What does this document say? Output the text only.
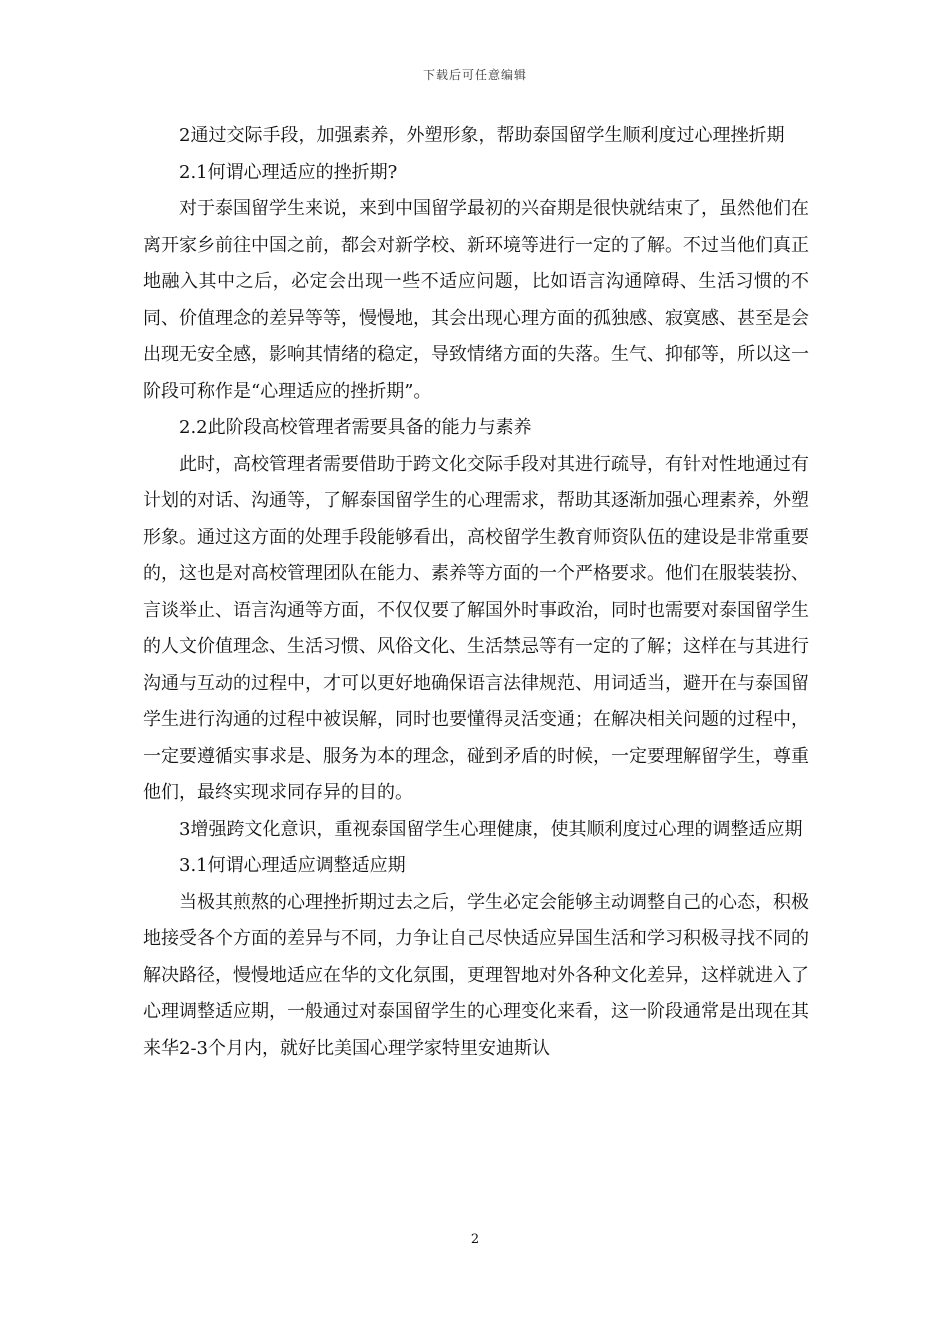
下载后可任意编辑

2通过交际手段，加强素养，外塑形象，帮助泰国留学生顺利度过心理挫折期

2.1何谓心理适应的挫折期?

对于泰国留学生来说，来到中国留学最初的兴奋期是很快就结束了，虽然他们在离开家乡前往中国之前，都会对新学校、新环境等进行一定的了解。不过当他们真正地融入其中之后，必定会出现一些不适应问题，比如语言沟通障碍、生活习惯的不同、价值理念的差异等等，慢慢地，其会出现心理方面的孤独感、寂寞感、甚至是会出现无安全感，影响其情绪的稳定，导致情绪方面的失落。生气、抑郁等，所以这一阶段可称作是“心理适应的挫折期”。

2.2此阶段高校管理者需要具备的能力与素养

此时，高校管理者需要借助于跨文化交际手段对其进行疏导，有针对性地通过有计划的对话、沟通等，了解泰国留学生的心理需求，帮助其逐渐加强心理素养，外塑形象。通过这方面的处理手段能够看出，高校留学生教育师资队伍的建设是非常重要的，这也是对高校管理团队在能力、素养等方面的一个严格要求。他们在服装装扮、言谈举止、语言沟通等方面，不仅仅要了解国外时事政治，同时也需要对泰国留学生的人文价值理念、生活习惯、风俗文化、生活禁忌等有一定的了解；这样在与其进行沟通与互动的过程中，才可以更好地确保语言法律规范、用词适当，避开在与泰国留学生进行沟通的过程中被误解，同时也要懂得灵活变通；在解决相关问题的过程中，一定要遵循实事求是、服务为本的理念，碰到矛盾的时候，一定要理解留学生，尊重他们，最终实现求同存异的目的。

3增强跨文化意识，重视泰国留学生心理健康，使其顺利度过心理的调整适应期

3.1何谓心理适应调整适应期

当极其煎熬的心理挫折期过去之后，学生必定会能够主动调整自己的心态，积极地接受各个方面的差异与不同，力争让自己尽快适应异国生活和学习积极寻找不同的解决路径，慢慢地适应在华的文化氛围，更理智地对外各种文化差异，这样就进入了心理调整适应期，一般通过对泰国留学生的心理变化来看，这一阶段通常是出现在其来华2-3个月内，就好比美国心理学家特里安迪斯认

2
